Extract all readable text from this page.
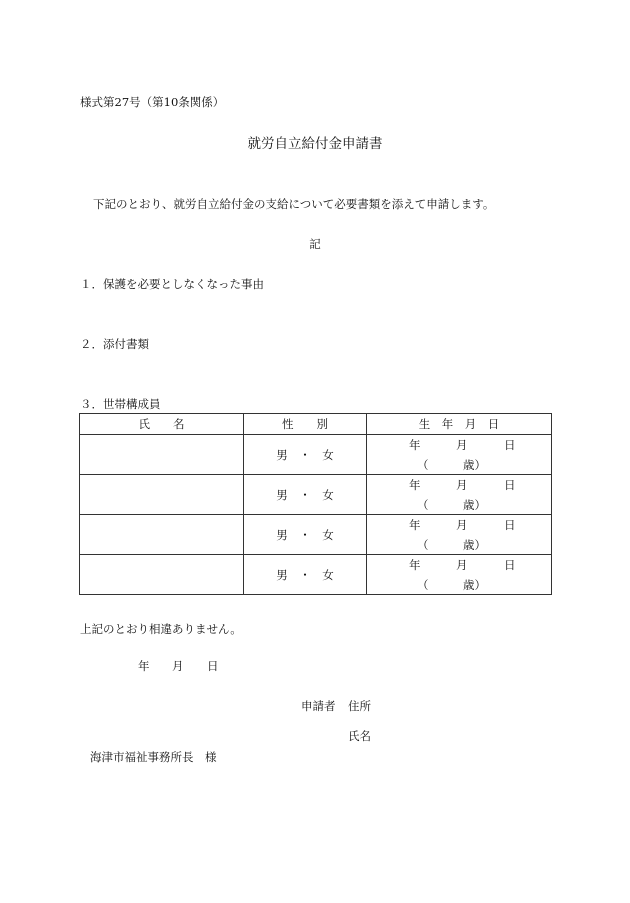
様式第27号（第10条関係）
就労自立給付金申請書
下記のとおり、就労自立給付金の支給について必要書類を添えて申請します。
記
１．保護を必要としなくなった事由
２．添付書類
３．世帯構成員
氏　　名	性　　別	生　年　月　日
	男　・　女	年 月 日
（ 歳）

	男　・　女	年 月 日
（ 歳）

	男　・　女	年 月 日
（ 歳）

	男　・　女	年 月 日
（ 歳）
上記のとおり相違ありません。
年 月 日
申請者 住所
氏名
海津市福祉事務所長　様
